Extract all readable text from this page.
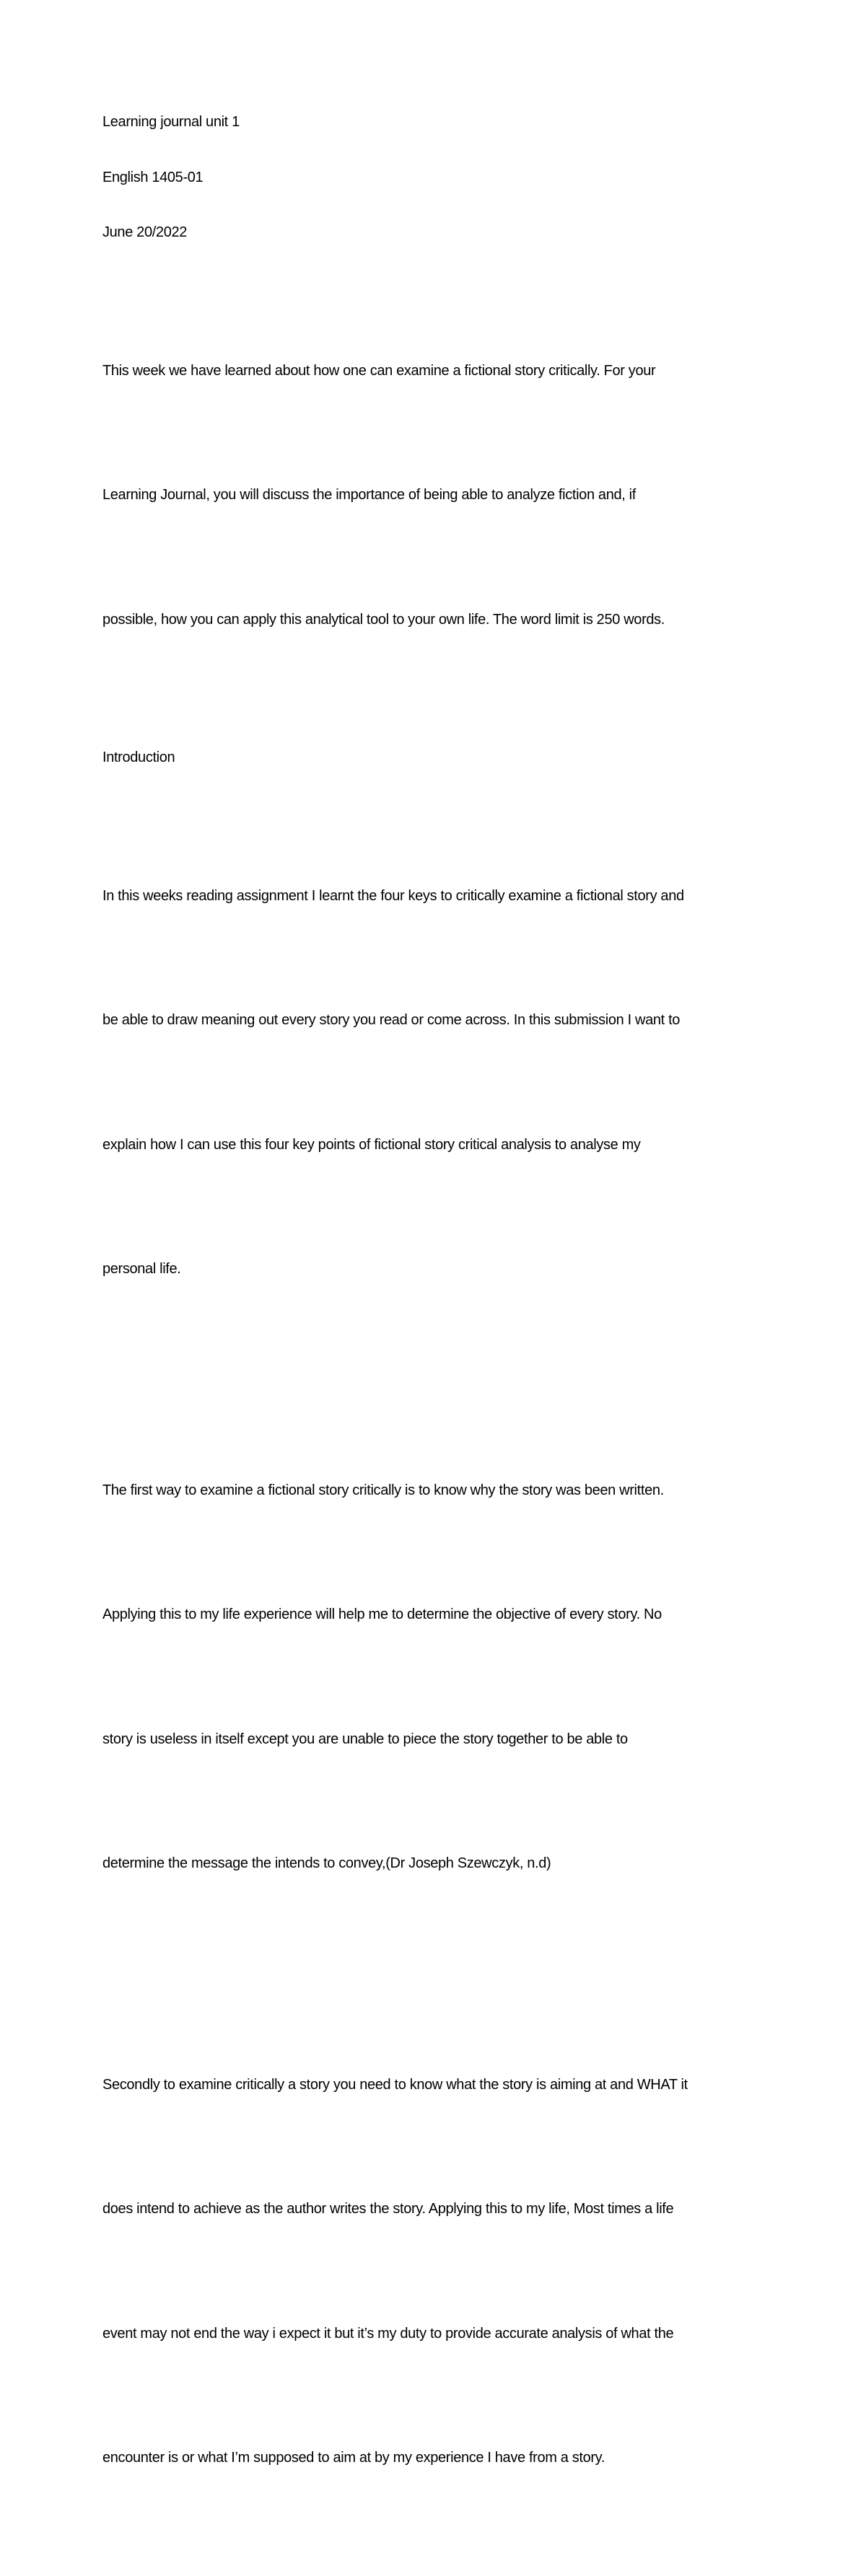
Learning journal unit 1

English 1405-01

June 20/2022

This week we have learned about how one can examine a fictional story critically. For your

Learning Journal, you will discuss the importance of being able to analyze fiction and, if

possible, how you can apply this analytical tool to your own life. The word limit is 250 words.

Introduction

In this weeks reading assignment I learnt the four keys to critically examine a fictional story and

be able to draw meaning out every story you read or come across. In this submission I want to

explain how I can use this four key points of fictional story critical analysis to analyse my

personal life.

The first way to examine a fictional story critically is to know why the story was been written.

Applying this to my life experience will help me to determine the objective of every story. No

story is useless in itself except you are unable to piece the story together to be able to

determine the message the intends to convey,(Dr Joseph Szewczyk, n.d)

Secondly to examine critically a story you need to know what the story is aiming at and WHAT it

does intend to achieve as the author writes the story. Applying this to my life, Most times a life

event may not end the way i expect it but it’s my duty to provide accurate analysis of what the

encounter is or what I’m supposed to aim at by my experience I have from a story.
